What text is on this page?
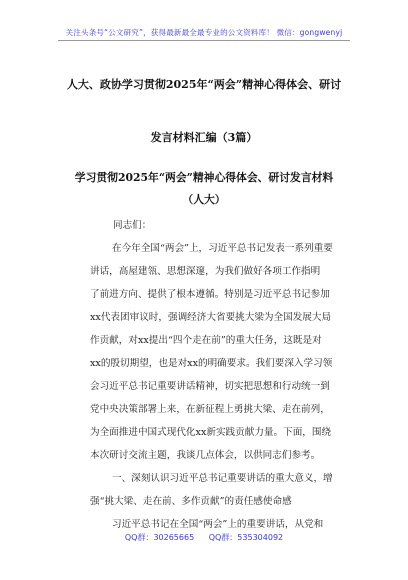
关注头条号“公文研究”，获得最新最全最专业的公文资料库！ 微信：gongwenyj
人大、政协学习贯彻2025年“两会”精神心得体会、研讨
发言材料汇编（3篇）
学习贯彻2025年“两会”精神心得体会、研讨发言材料
（人大）
同志们：
在今年全国“两会”上，习近平总书记发表一系列重要
讲话，高屋建瓴、思想深邃，为我们做好各项工作指明
了前进方向、提供了根本遵循。特别是习近平总书记参加
xx代表团审议时，强调经济大省要挑大梁为全国发展大局
作贡献，对xx提出“四个走在前”的重大任务，这既是对
xx的殷切期望，也是对xx的明确要求。我们要深入学习领
会习近平总书记重要讲话精神，切实把思想和行动统一到
党中央决策部署上来，在新征程上勇挑大梁、走在前列，
为全面推进中国式现代化xx新实践贡献力量。下面，围绕
本次研讨交流主题，我谈几点体会，以供同志们参考。
一、深刻认识习近平总书记重要讲话的重大意义，增
强“挑大梁、走在前、多作贡献”的责任感使命感
习近平总书记在全国“两会”上的重要讲话，从党和
QQ群：30265665 QQ群：535304092
